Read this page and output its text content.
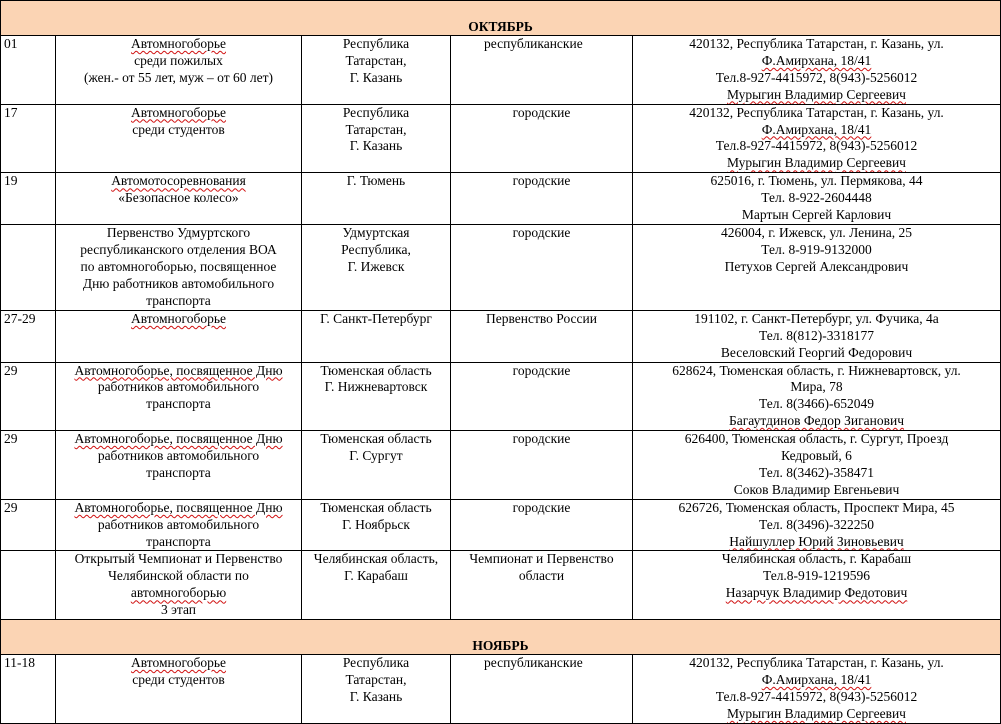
ОКТЯБРЬ				
01	Автомногоборье
среди пожилых
(жен.- от 55 лет, муж – от 60 лет)	Республика
Татарстан,
Г. Казань	республиканские	420132, Республика Татарстан, г. Казань, ул.
Ф.Амирхана, 18/41
Тел.8-927-4415972, 8(943)-5256012
Мурыгин Владимир Сергеевич

17	Автомногоборье
среди студентов	Республика
Татарстан,
Г. Казань	городские	420132, Республика Татарстан, г. Казань, ул.
Ф.Амирхана, 18/41
Тел.8-927-4415972, 8(943)-5256012
Мурыгин Владимир Сергеевич

19	Автомотосоревнования
«Безопасное колесо»	Г. Тюмень	городские	625016, г. Тюмень, ул. Пермякова, 44
Тел. 8-922-2604448
Мартын Сергей Карлович

	Первенство Удмуртского
республиканского отделения ВОА
по автомногоборью, посвященное
Дню работников автомобильного
транспорта	Удмуртская
Республика,
Г. Ижевск	городские	426004, г. Ижевск, ул. Ленина, 25
Тел. 8-919-9132000
Петухов Сергей Александрович

27-29	Автомногоборье	Г. Санкт-Петербург	Первенство России	191102, г. Санкт-Петербург, ул. Фучика, 4а
Тел. 8(812)-3318177
Веселовский Георгий Федорович

29	Автомногоборье, посвященное Дню
работников автомобильного
транспорта	Тюменская область
Г. Нижневартовск	городские	628624, Тюменская область, г. Нижневартовск, ул.
Мира, 78
Тел. 8(3466)-652049
Багаутдинов Федор Зиганович

29	Автомногоборье, посвященное Дню
работников автомобильного
транспорта	Тюменская область
Г. Сургут	городские	626400, Тюменская область, г. Сургут, Проезд
Кедровый, 6
Тел. 8(3462)-358471
Соков Владимир Евгеньевич

29	Автомногоборье, посвященное Дню
работников автомобильного
транспорта	Тюменская область
Г. Ноябрьск	городские	626726, Тюменская область, Проспект Мира, 45
Тел. 8(3496)-322250
Найшуллер Юрий Зиновьевич

	Открытый Чемпионат и Первенство
Челябинской области по
автомногоборью
3 этап	Челябинская область,
Г. Карабаш	Чемпионат и Первенство области	Челябинская область, г. Карабаш
Тел.8-919-1219596
Назарчук Владимир Федотович

НОЯБРЬ				
11-18	Автомногоборье
среди студентов	Республика
Татарстан,
Г. Казань	республиканские	420132, Республика Татарстан, г. Казань, ул.
Ф.Амирхана, 18/41
Тел.8-927-4415972, 8(943)-5256012
Мурыгин Владимир Сергеевич
